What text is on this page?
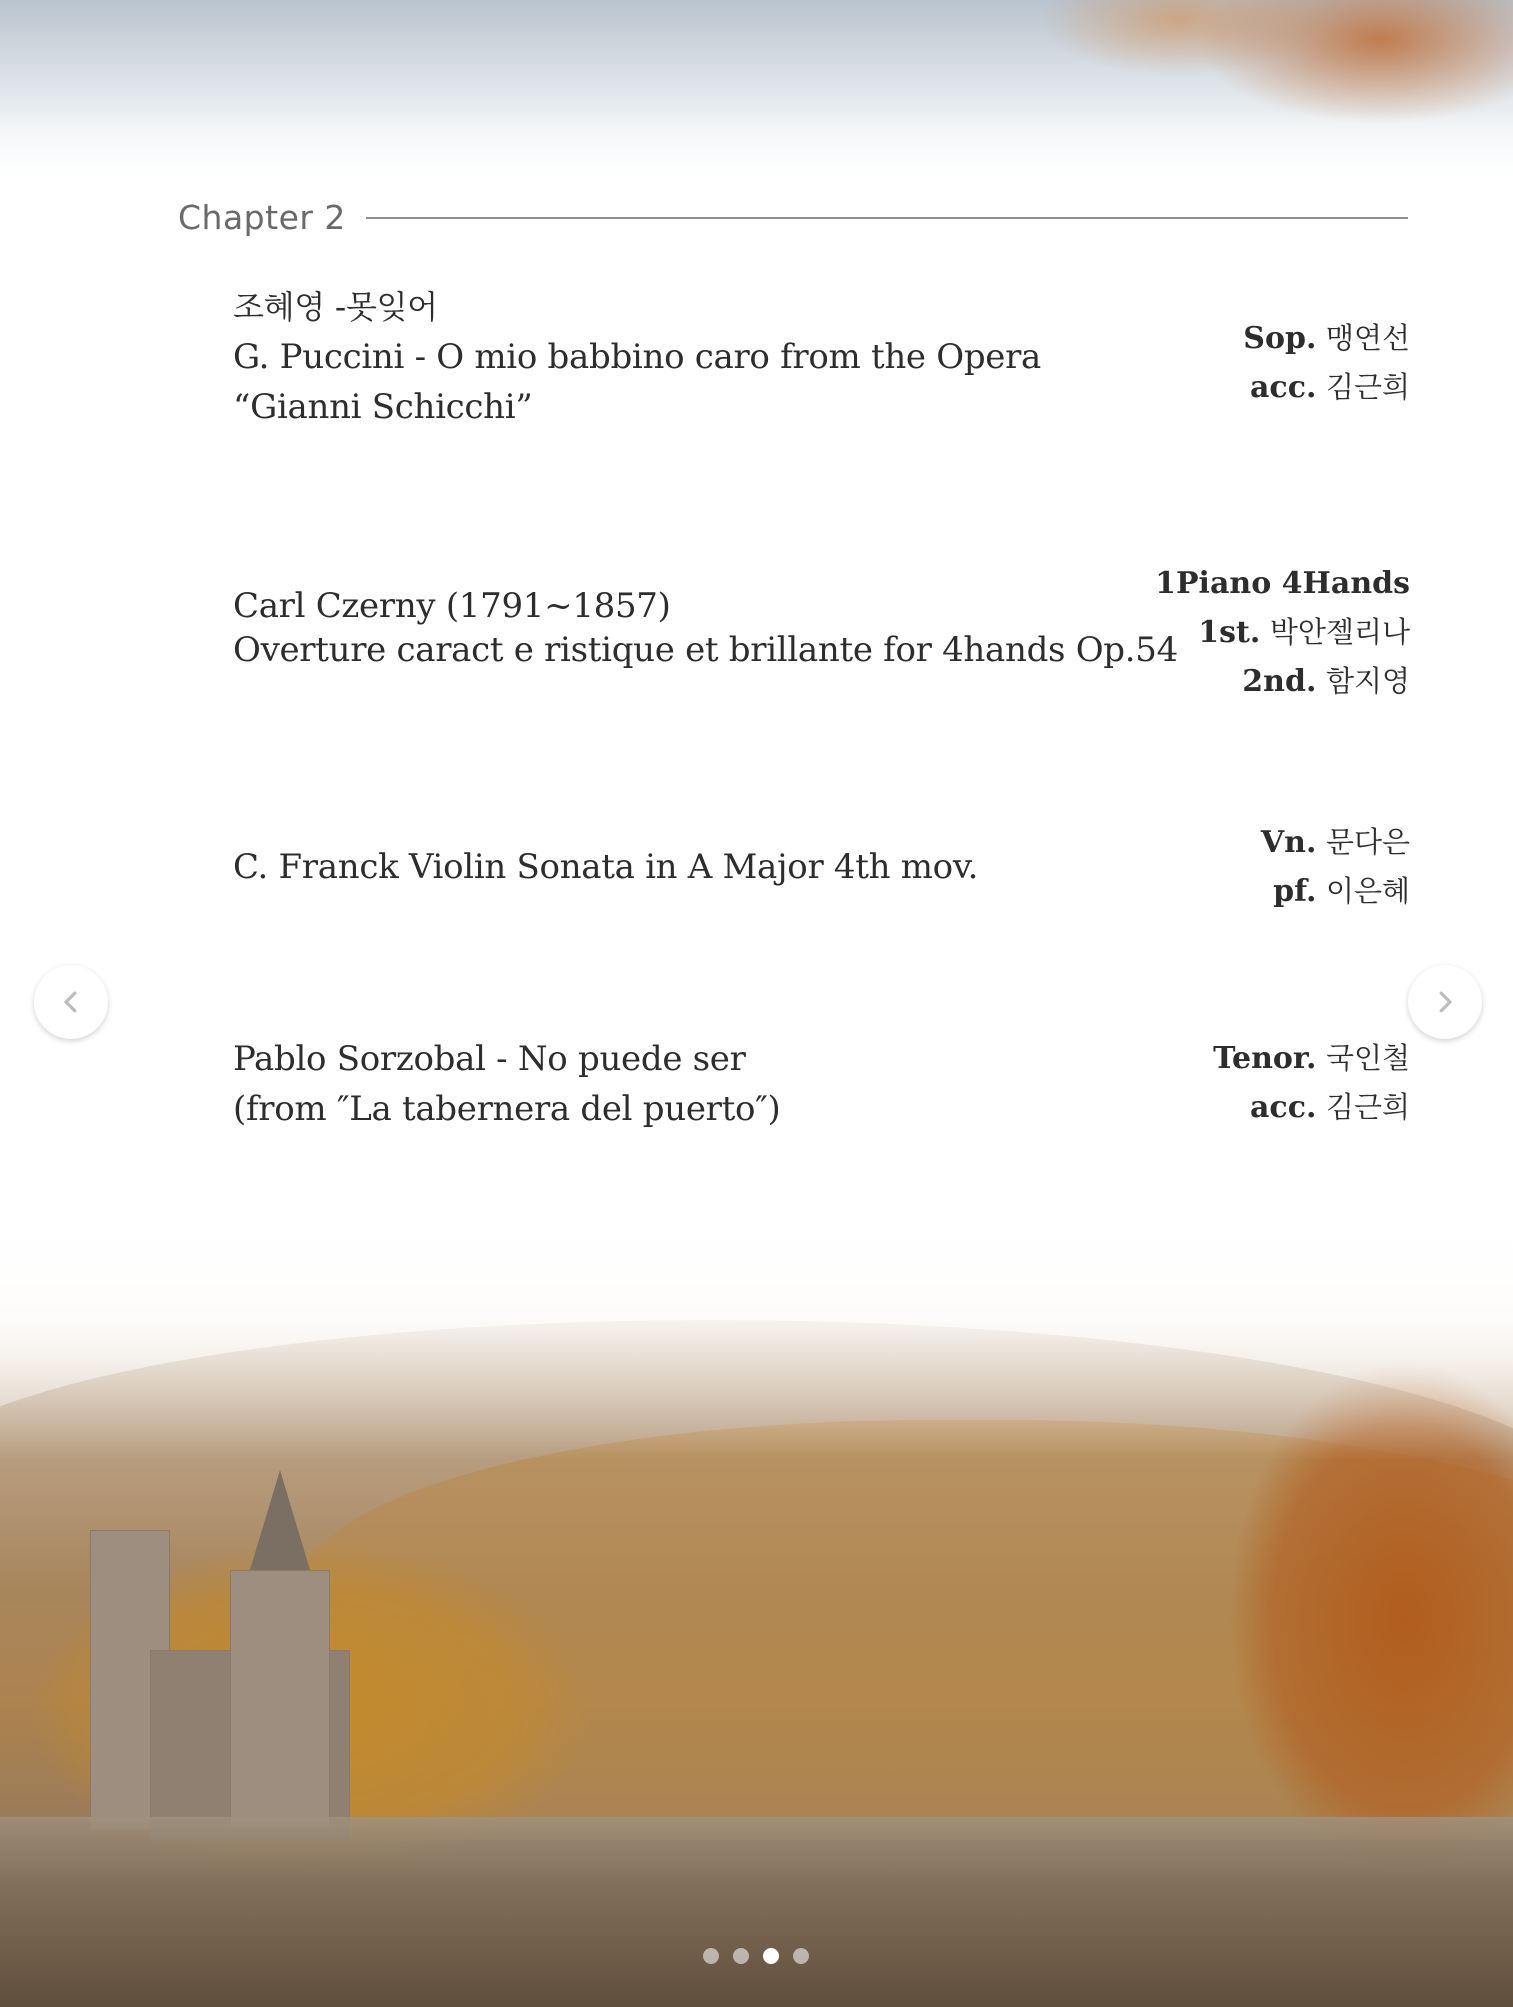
Chapter 2
조혜영 -못잊어
G. Puccini - O mio babbino caro from the Opera
“Gianni Schicchi”
Sop. 맹연선
acc. 김근희
Carl Czerny (1791~1857)
Overture caract e ristique et brillante for 4hands Op.54
1Piano 4Hands
1st. 박안젤리나
2nd. 함지영
C. Franck Violin Sonata in A Major 4th mov.
Vn. 문다은
pf. 이은혜
Pablo Sorzobal - No puede ser
(from ″La tabernera del puerto″)
Tenor. 국인철
acc. 김근희
